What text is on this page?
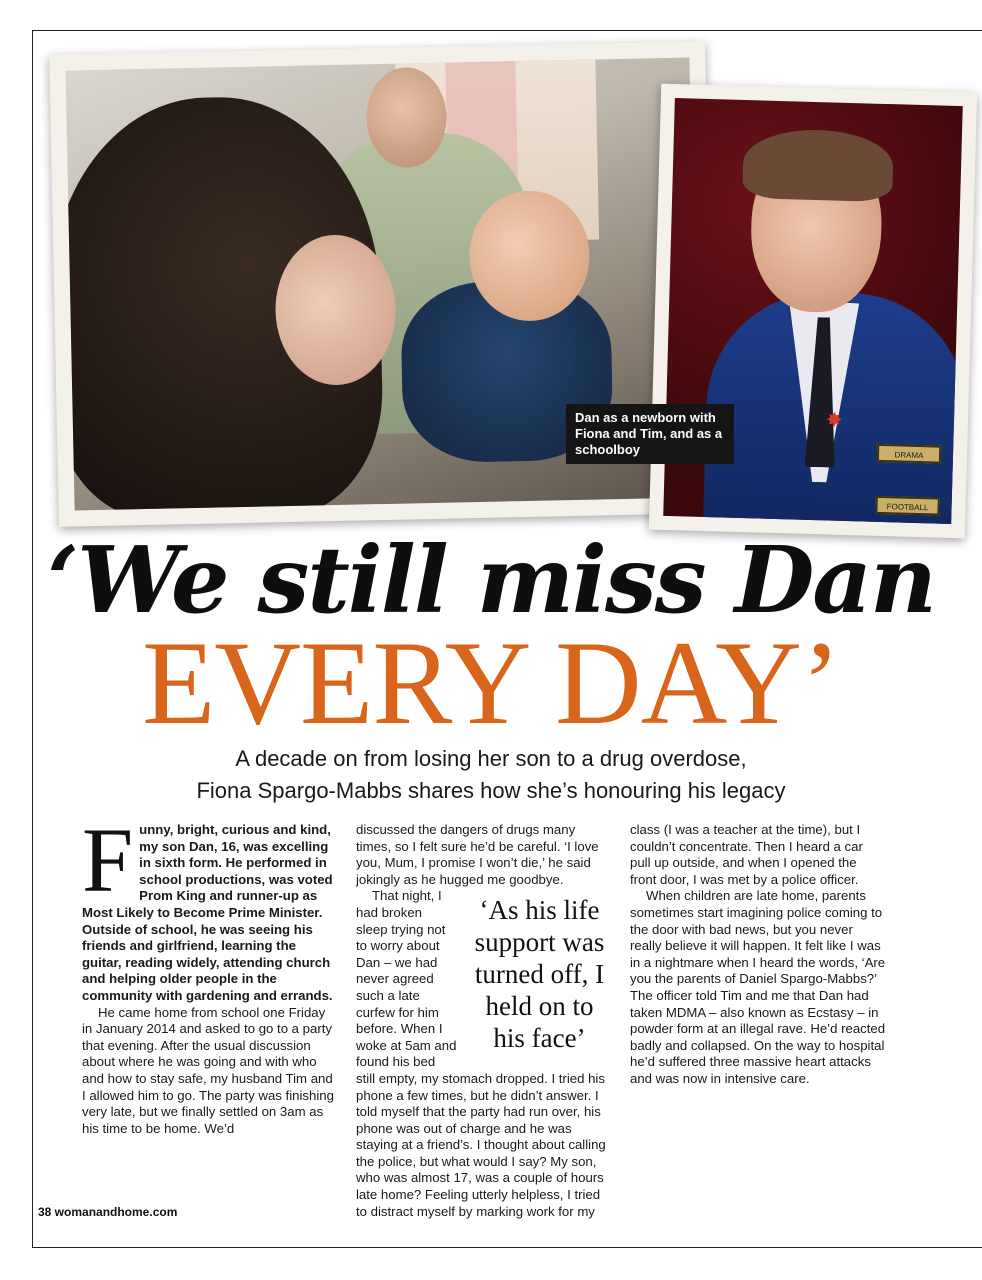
✸
DRAMA
FOOTBALL
Dan as a newborn with Fiona and Tim, and as a schoolboy
‘We still miss Dan
EVERY DAY’
A decade on from losing her son to a drug overdose,
Fiona Spargo-Mabbs shares how she’s honouring his legacy

Funny, bright, curious and kind, my son Dan, 16, was excelling in sixth form. He performed in school productions, was voted Prom King and runner-up as Most Likely to Become Prime Minister. Outside of school, he was seeing his friends and girlfriend, learning the guitar, reading widely, attending church and helping older people in the community with gardening and errands.

He came home from school one Friday in January 2014 and asked to go to a party that evening. After the usual discussion about where he was going and with who and how to stay safe, my husband Tim and I allowed him to go. The party was finishing very late, but we finally settled on 3am as his time to be home. We’d

discussed the dangers of drugs many times, so I felt sure he’d be careful. ‘I love you, Mum, I promise I won’t die,’ he said jokingly as he hugged me goodbye.

‘As his life support was turned off, I held on to his face’

That night, I had broken sleep trying not to worry about Dan – we had never agreed such a late curfew for him before. When I woke at 5am and found his bed still empty, my stomach dropped. I tried his phone a few times, but he didn’t answer. I told myself that the party had run over, his phone was out of charge and he was staying at a friend’s. I thought about calling the police, but what would I say? My son, who was almost 17, was a couple of hours late home? Feeling utterly helpless, I tried to distract myself by marking work for my

class (I was a teacher at the time), but I couldn’t concentrate. Then I heard a car pull up outside, and when I opened the front door, I was met by a police officer.

When children are late home, parents sometimes start imagining police coming to the door with bad news, but you never really believe it will happen. It felt like I was in a nightmare when I heard the words, ‘Are you the parents of Daniel Spargo-Mabbs?’ The officer told Tim and me that Dan had taken MDMA – also known as Ecstasy – in powder form at an illegal rave. He’d reacted badly and collapsed. On the way to hospital he’d suffered three massive heart attacks and was now in intensive care.

38 womanandhome.com
